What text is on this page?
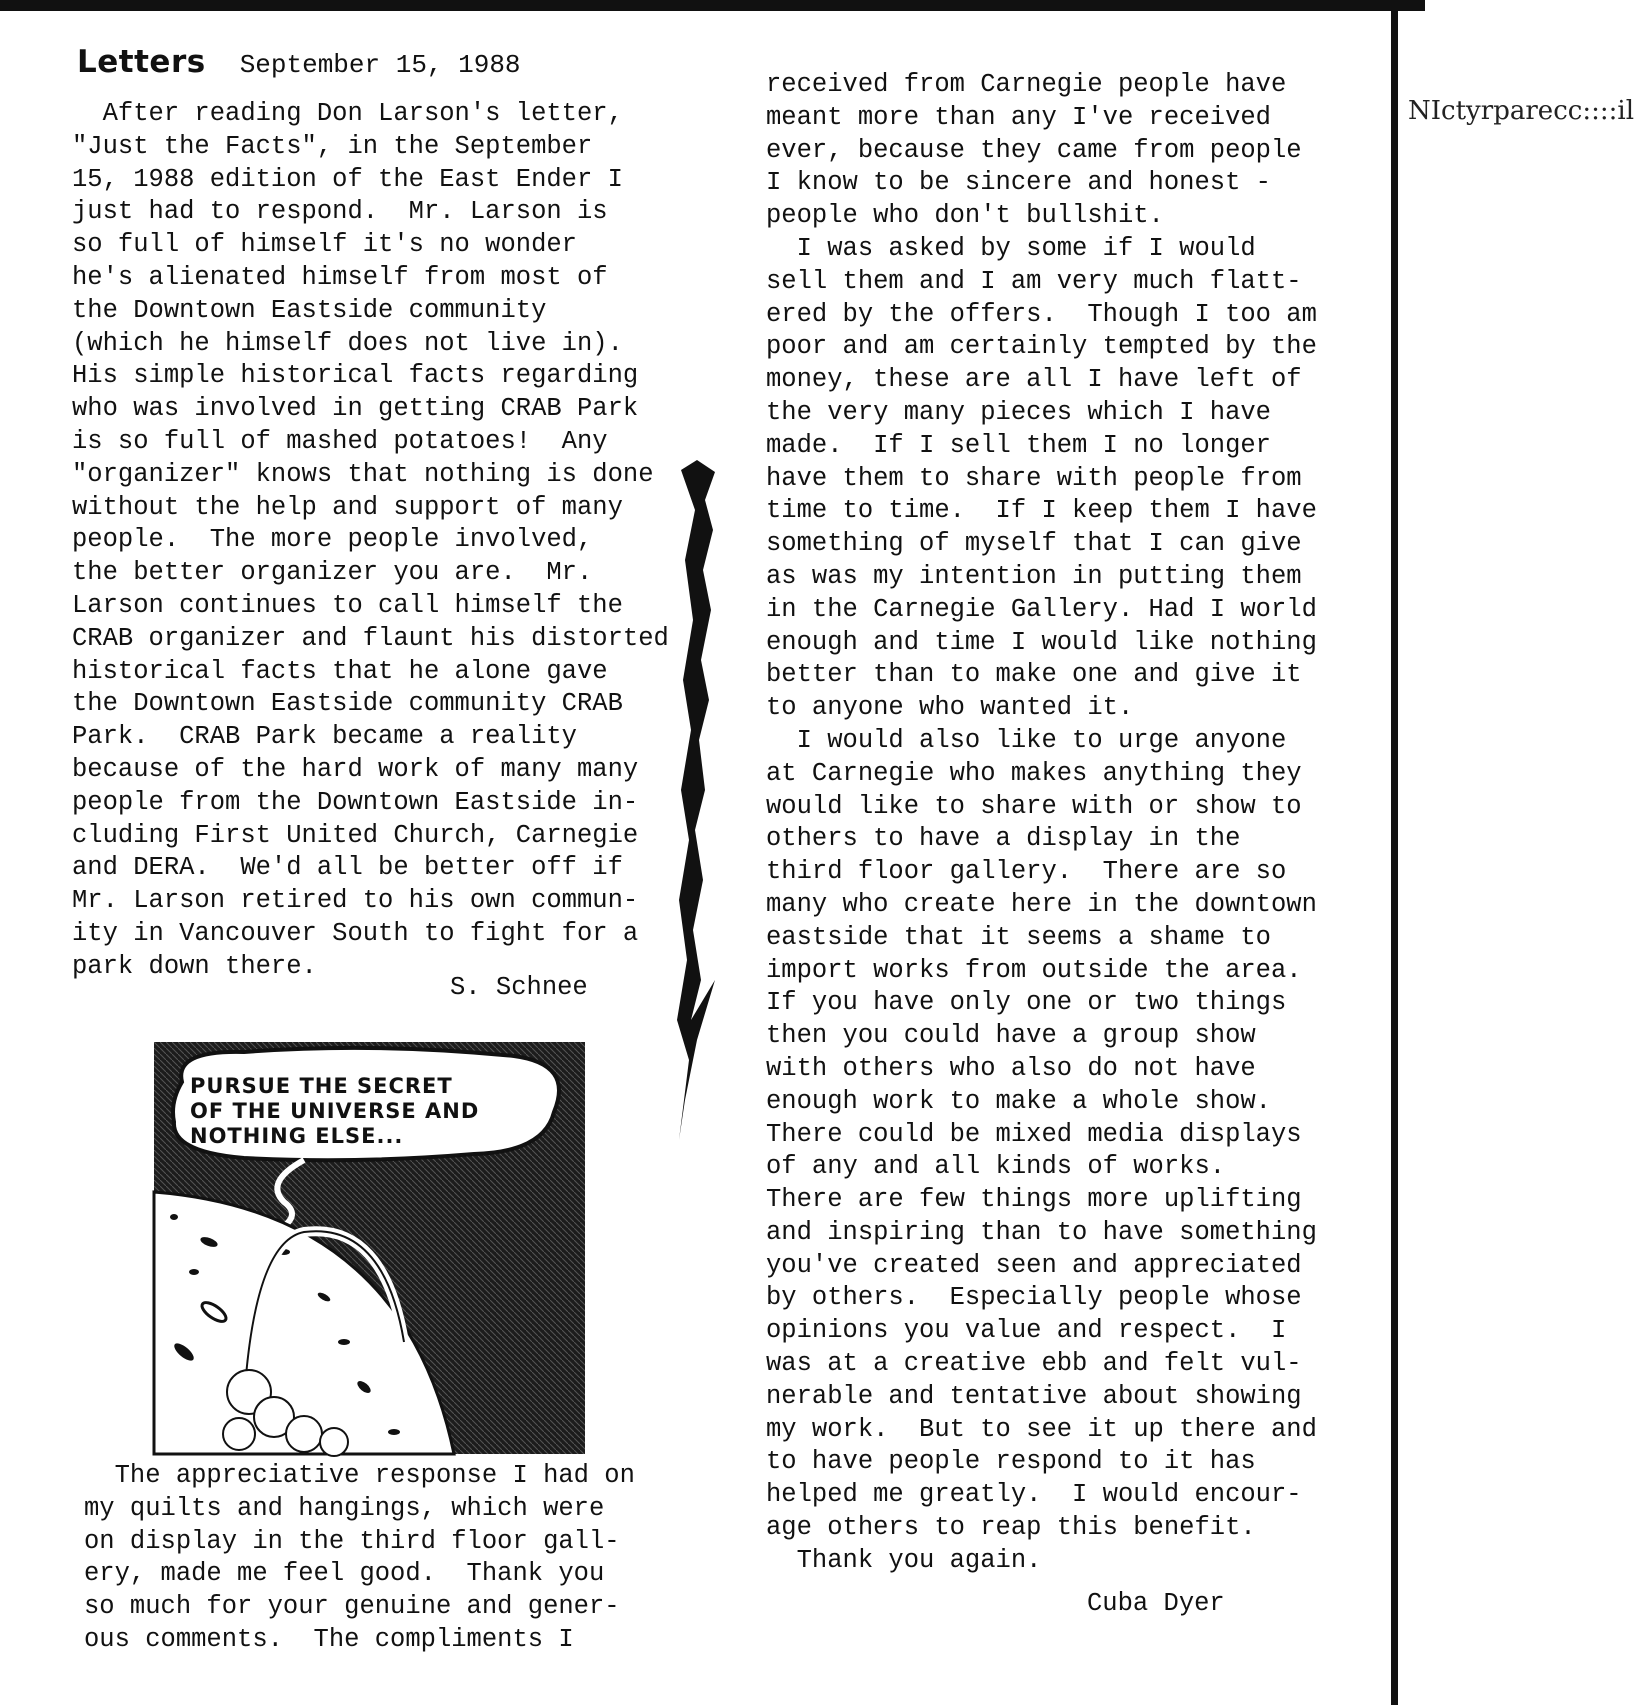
NIctyrparecc::::il
Letters September 15, 1988
After reading Don Larson's letter,
"Just the Facts", in the September
15, 1988 edition of the East Ender I
just had to respond.  Mr. Larson is
so full of himself it's no wonder
he's alienated himself from most of
the Downtown Eastside community
(which he himself does not live in).
His simple historical facts regarding
who was involved in getting CRAB Park
is so full of mashed potatoes!  Any
"organizer" knows that nothing is done
without the help and support of many
people.  The more people involved,
the better organizer you are.  Mr.
Larson continues to call himself the
CRAB organizer and flaunt his distorted
historical facts that he alone gave
the Downtown Eastside community CRAB
Park.  CRAB Park became a reality
because of the hard work of many many
people from the Downtown Eastside in-
cluding First United Church, Carnegie
and DERA.  We'd all be better off if
Mr. Larson retired to his own commun-
ity in Vancouver South to fight for a
park down there.
S. Schnee
PURSUE THE SECRET
OF THE UNIVERSE AND
NOTHING ELSE...
The appreciative response I had on
my quilts and hangings, which were
on display in the third floor gall-
ery, made me feel good.  Thank you
so much for your genuine and gener-
ous comments.  The compliments I
received from Carnegie people have
meant more than any I've received
ever, because they came from people
I know to be sincere and honest -
people who don't bullshit.
I was asked by some if I would
sell them and I am very much flatt-
ered by the offers.  Though I too am
poor and am certainly tempted by the
money, these are all I have left of
the very many pieces which I have
made.  If I sell them I no longer
have them to share with people from
time to time.  If I keep them I have
something of myself that I can give
as was my intention in putting them
in the Carnegie Gallery. Had I world
enough and time I would like nothing
better than to make one and give it
to anyone who wanted it.
I would also like to urge anyone
at Carnegie who makes anything they
would like to share with or show to
others to have a display in the
third floor gallery.  There are so
many who create here in the downtown
eastside that it seems a shame to
import works from outside the area.
If you have only one or two things
then you could have a group show
with others who also do not have
enough work to make a whole show.
There could be mixed media displays
of any and all kinds of works.
There are few things more uplifting
and inspiring than to have something
you've created seen and appreciated
by others.  Especially people whose
opinions you value and respect.  I
was at a creative ebb and felt vul-
nerable and tentative about showing
my work.  But to see it up there and
to have people respond to it has
helped me greatly.  I would encour-
age others to reap this benefit.
Thank you again.
Cuba Dyer
